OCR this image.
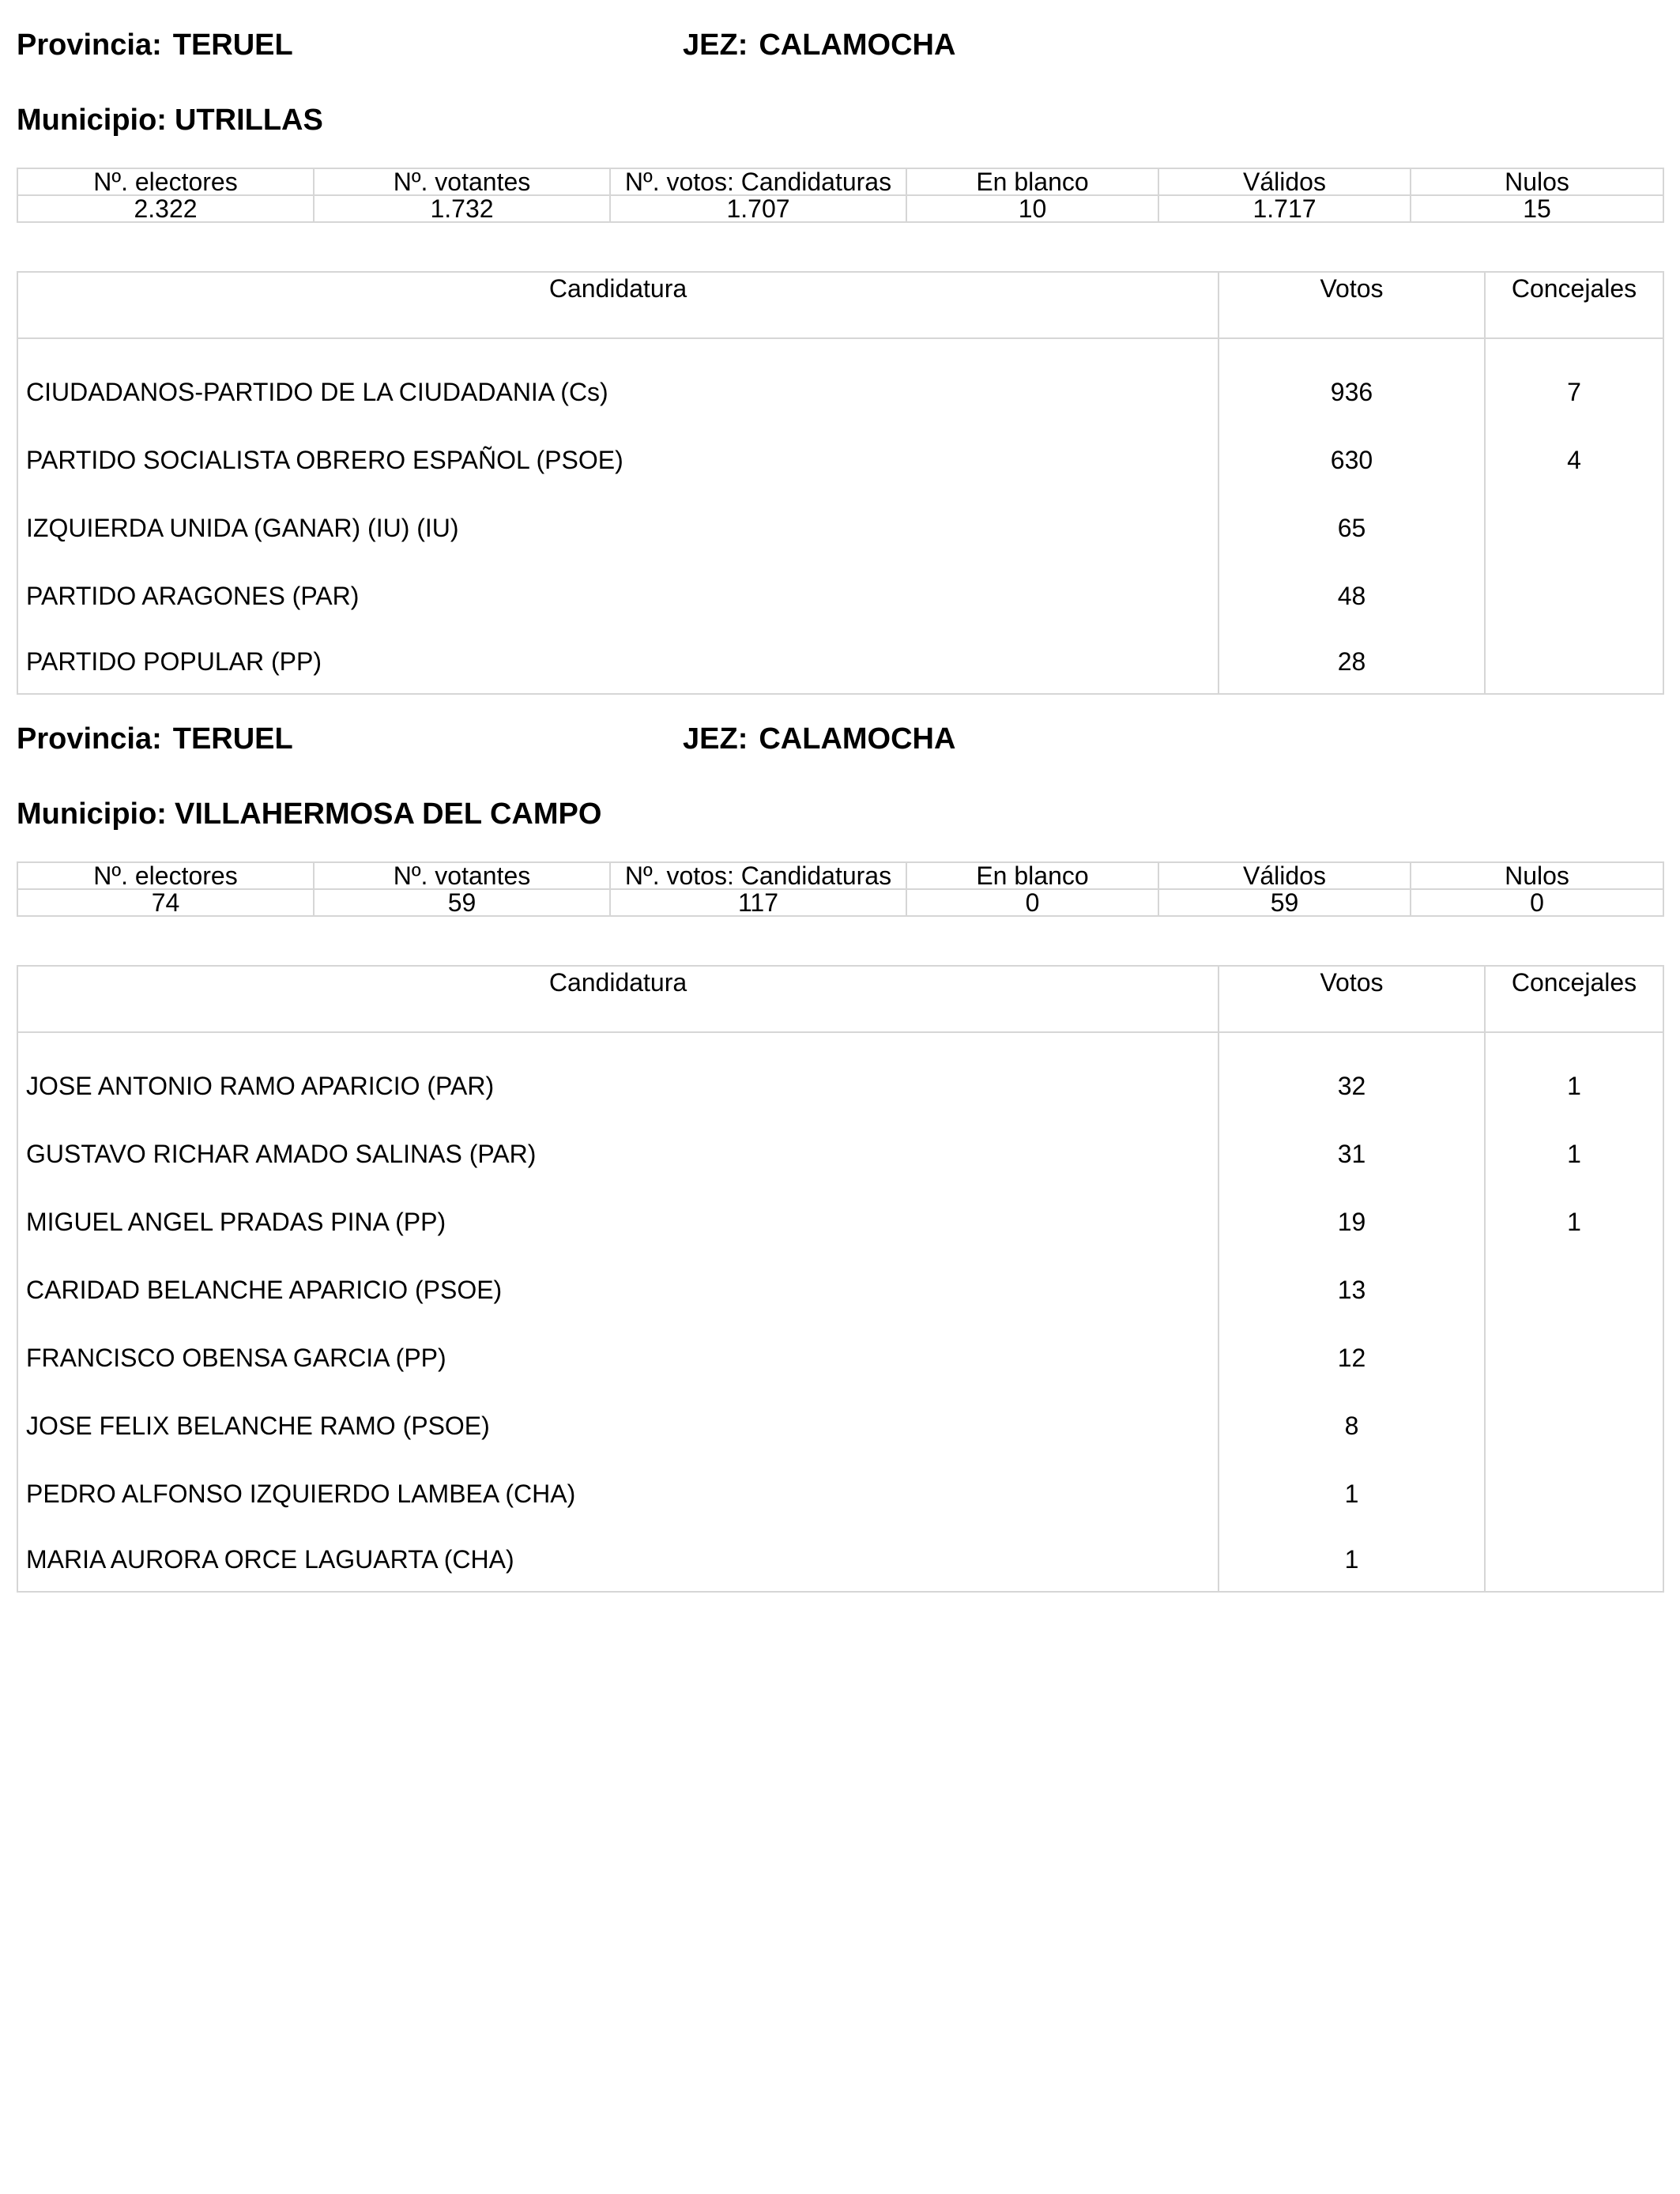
Provincia: TERUEL	JEZ: CALAMOCHA
Municipio: UTRILLAS
Nº. electores	Nº. votantes	Nº. votos: Candidaturas	En blanco	Válidos	Nulos
2.322	1.732	1.707	10	1.717	15
Candidatura	Votos	Concejales

CIUDADANOS-PARTIDO DE LA CIUDADANIA (Cs)	936	7
PARTIDO SOCIALISTA OBRERO ESPAÑOL (PSOE)	630	4
IZQUIERDA UNIDA (GANAR) (IU) (IU)	65	
PARTIDO ARAGONES (PAR)	48	
PARTIDO POPULAR (PP)	28	
Provincia: TERUEL	JEZ: CALAMOCHA
Municipio: VILLAHERMOSA DEL CAMPO
Nº. electores	Nº. votantes	Nº. votos: Candidaturas	En blanco	Válidos	Nulos
74	59	117	0	59	0
Candidatura	Votos	Concejales

JOSE ANTONIO RAMO APARICIO (PAR)	32	1
GUSTAVO RICHAR AMADO SALINAS (PAR)	31	1
MIGUEL ANGEL PRADAS PINA (PP)	19	1
CARIDAD BELANCHE APARICIO (PSOE)	13	
FRANCISCO OBENSA GARCIA (PP)	12	
JOSE FELIX BELANCHE RAMO (PSOE)	8	
PEDRO ALFONSO IZQUIERDO LAMBEA (CHA)	1	
MARIA AURORA ORCE LAGUARTA (CHA)	1	
